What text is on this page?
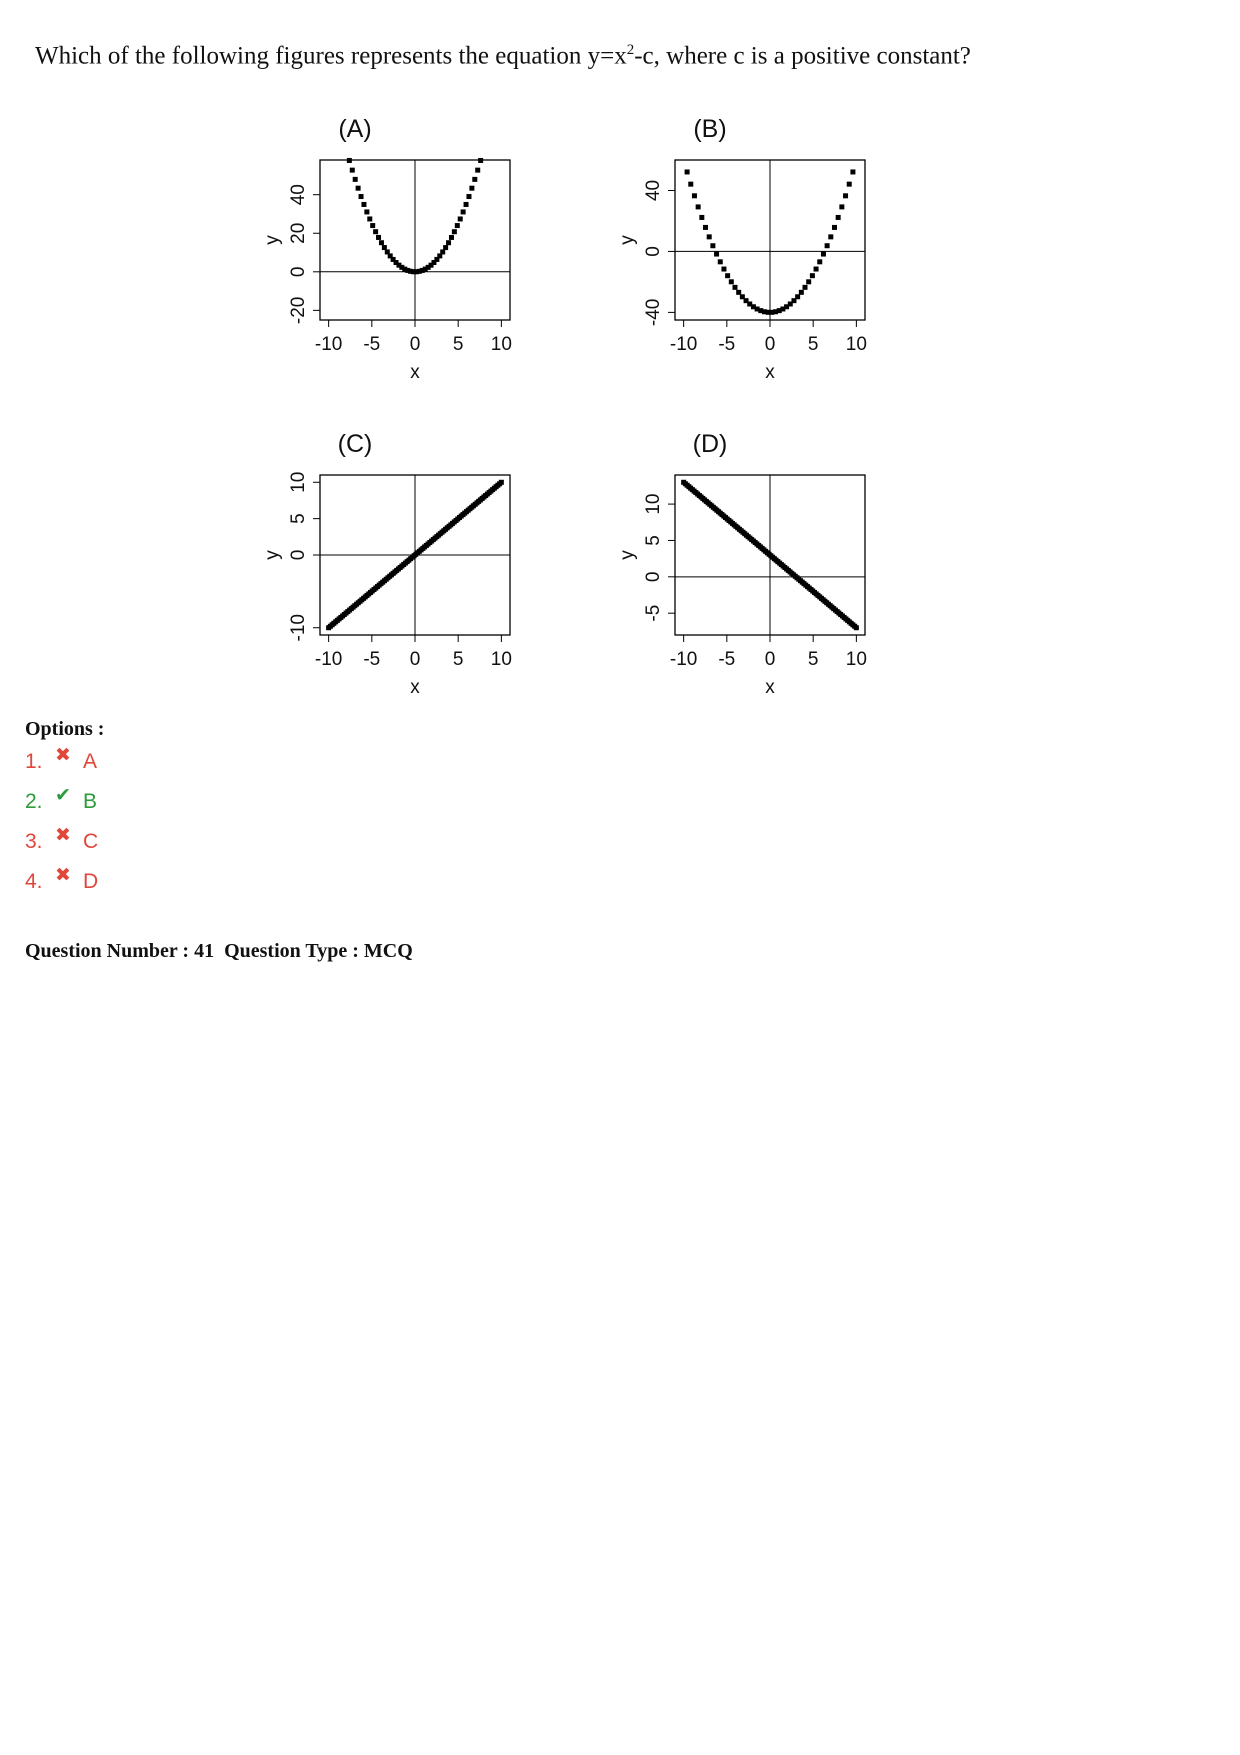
Which of the following figures represents the equation $y=x^2-c$, where c is a positive constant?
(A)
-10 -5 0 5 10
-20
0
20
40
x
y
(B)
-10 -5 0 5 10
-40
0
40
x
y
(C)
-10 -5 0 5 10
-10
0
5
10
x
y
(D)
-10 -5 0 5 10
-5
0
5
10
x
y
Options :
1. ✖ A
2. ✔ B
3. ✖ C
4. ✖ D
Question Number : 41 Question Type : MCQ
